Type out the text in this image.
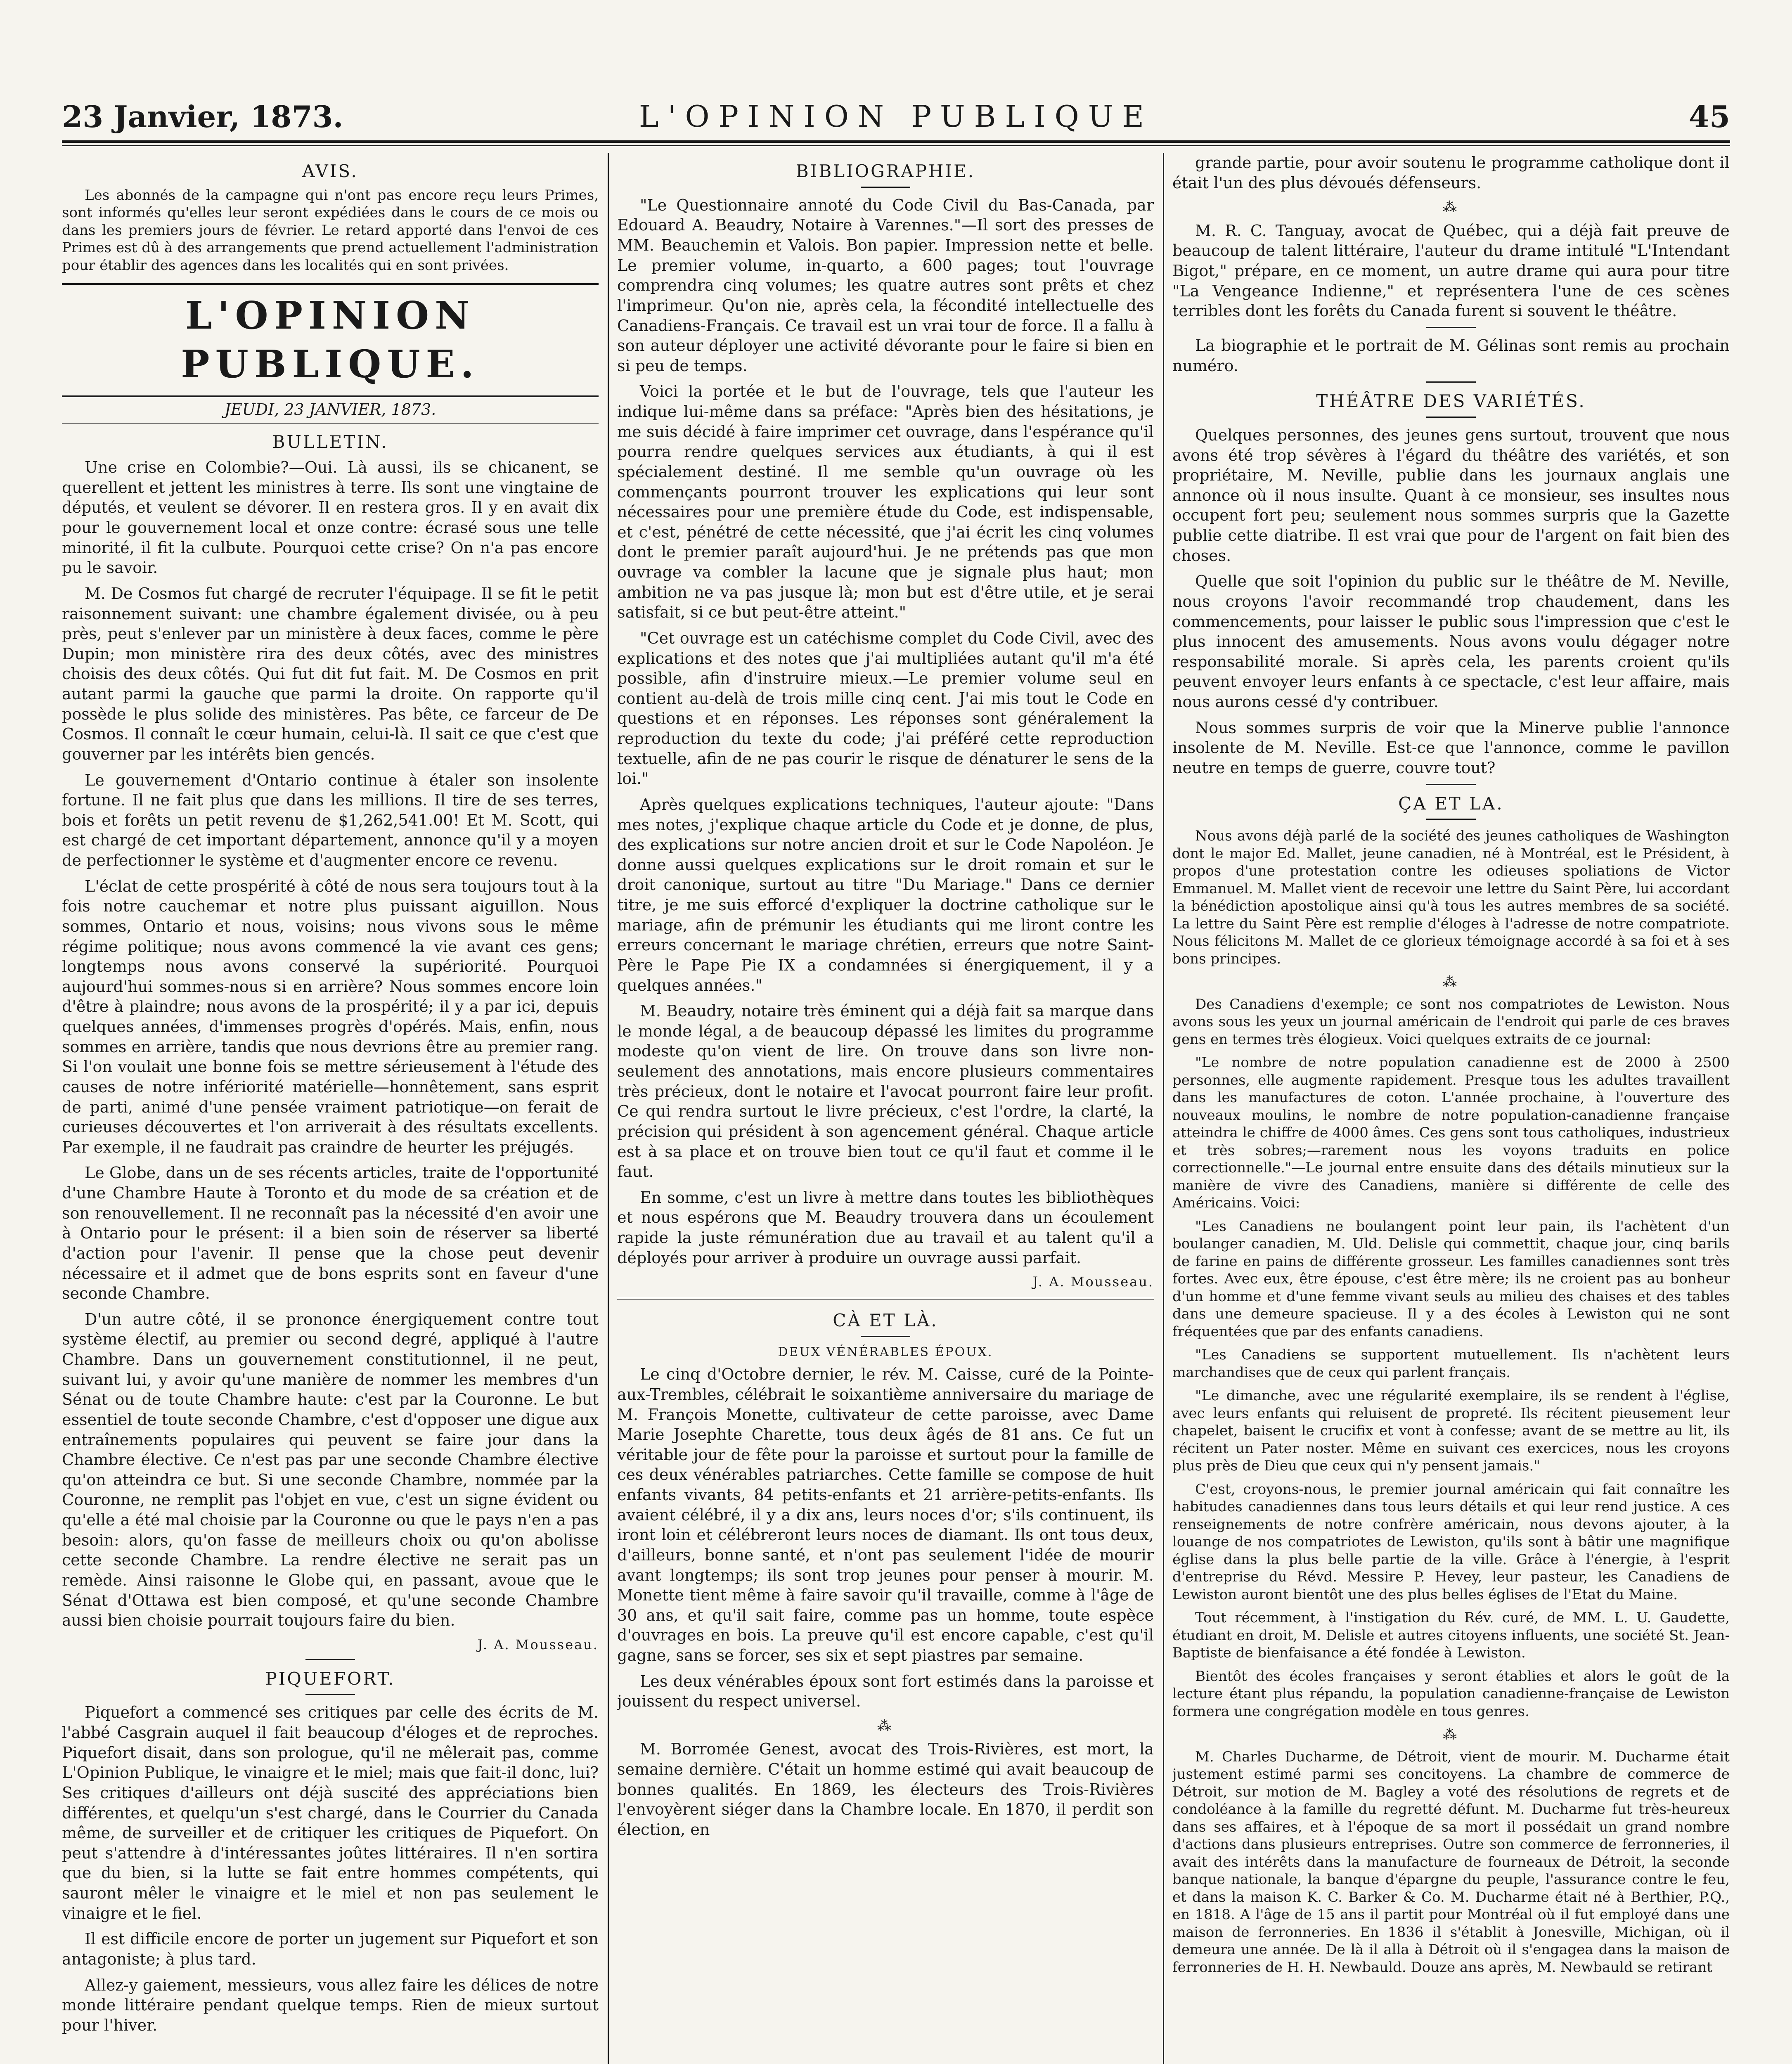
23 Janvier, 1873.	L'OPINION PUBLIQUE	45
AVIS.

Les abonnés de la campagne qui n'ont pas encore reçu leurs Primes, sont informés qu'elles leur seront expédiées dans le cours de ce mois ou dans les premiers jours de février. Le retard apporté dans l'envoi de ces Primes est dû à des arrangements que prend actuellement l'administration pour établir des agences dans les localités qui en sont privées.

L'OPINION PUBLIQUE.
JEUDI, 23 JANVIER, 1873.
BULLETIN.

Une crise en Colombie?—Oui. Là aussi, ils se chicanent, se querellent et jettent les ministres à terre. Ils sont une vingtaine de députés, et veulent se dévorer. Il en restera gros. Il y en avait dix pour le gouvernement local et onze contre: écrasé sous une telle minorité, il fit la culbute. Pourquoi cette crise? On n'a pas encore pu le savoir.

M. De Cosmos fut chargé de recruter l'équipage. Il se fit le petit raisonnement suivant: une chambre également divisée, ou à peu près, peut s'enlever par un ministère à deux faces, comme le père Dupin; mon ministère rira des deux côtés, avec des ministres choisis des deux côtés. Qui fut dit fut fait. M. De Cosmos en prit autant parmi la gauche que parmi la droite. On rapporte qu'il possède le plus solide des ministères. Pas bête, ce farceur de De Cosmos. Il connaît le cœur humain, celui-là. Il sait ce que c'est que gouverner par les intérêts bien gencés.

Le gouvernement d'Ontario continue à étaler son insolente fortune. Il ne fait plus que dans les millions. Il tire de ses terres, bois et forêts un petit revenu de $1,262,541.00! Et M. Scott, qui est chargé de cet important département, annonce qu'il y a moyen de perfectionner le système et d'augmenter encore ce revenu.

L'éclat de cette prospérité à côté de nous sera toujours tout à la fois notre cauchemar et notre plus puissant aiguillon. Nous sommes, Ontario et nous, voisins; nous vivons sous le même régime politique; nous avons commencé la vie avant ces gens; longtemps nous avons conservé la supériorité. Pourquoi aujourd'hui sommes-nous si en arrière? Nous sommes encore loin d'être à plaindre; nous avons de la prospérité; il y a par ici, depuis quelques années, d'immenses progrès d'opérés. Mais, enfin, nous sommes en arrière, tandis que nous devrions être au premier rang. Si l'on voulait une bonne fois se mettre sérieusement à l'étude des causes de notre infériorité matérielle—honnêtement, sans esprit de parti, animé d'une pensée vraiment patriotique—on ferait de curieuses découvertes et l'on arriverait à des résultats excellents. Par exemple, il ne faudrait pas craindre de heurter les préjugés.

Le Globe, dans un de ses récents articles, traite de l'opportunité d'une Chambre Haute à Toronto et du mode de sa création et de son renouvellement. Il ne reconnaît pas la nécessité d'en avoir une à Ontario pour le présent: il a bien soin de réserver sa liberté d'action pour l'avenir. Il pense que la chose peut devenir nécessaire et il admet que de bons esprits sont en faveur d'une seconde Chambre.

D'un autre côté, il se prononce énergiquement contre tout système électif, au premier ou second degré, appliqué à l'autre Chambre. Dans un gouvernement constitutionnel, il ne peut, suivant lui, y avoir qu'une manière de nommer les membres d'un Sénat ou de toute Chambre haute: c'est par la Couronne. Le but essentiel de toute seconde Chambre, c'est d'opposer une digue aux entraînements populaires qui peuvent se faire jour dans la Chambre élective. Ce n'est pas par une seconde Chambre élective qu'on atteindra ce but. Si une seconde Chambre, nommée par la Couronne, ne remplit pas l'objet en vue, c'est un signe évident ou qu'elle a été mal choisie par la Couronne ou que le pays n'en a pas besoin: alors, qu'on fasse de meilleurs choix ou qu'on abolisse cette seconde Chambre. La rendre élective ne serait pas un remède. Ainsi raisonne le Globe qui, en passant, avoue que le Sénat d'Ottawa est bien composé, et qu'une seconde Chambre aussi bien choisie pourrait toujours faire du bien.

J. A. Mousseau.

PIQUEFORT.

Piquefort a commencé ses critiques par celle des écrits de M. l'abbé Casgrain auquel il fait beaucoup d'éloges et de reproches. Piquefort disait, dans son prologue, qu'il ne mêlerait pas, comme L'Opinion Publique, le vinaigre et le miel; mais que fait-il donc, lui? Ses critiques d'ailleurs ont déjà suscité des appréciations bien différentes, et quelqu'un s'est chargé, dans le Courrier du Canada même, de surveiller et de critiquer les critiques de Piquefort. On peut s'attendre à d'intéressantes joûtes littéraires. Il n'en sortira que du bien, si la lutte se fait entre hommes compétents, qui sauront mêler le vinaigre et le miel et non pas seulement le vinaigre et le fiel.

Il est difficile encore de porter un jugement sur Piquefort et son antagoniste; à plus tard.

Allez-y gaiement, messieurs, vous allez faire les délices de notre monde littéraire pendant quelque temps. Rien de mieux surtout pour l'hiver.

BIBLIOGRAPHIE.

"Le Questionnaire annoté du Code Civil du Bas-Canada, par Edouard A. Beaudry, Notaire à Varennes."—Il sort des presses de MM. Beauchemin et Valois. Bon papier. Impression nette et belle. Le premier volume, in-quarto, a 600 pages; tout l'ouvrage comprendra cinq volumes; les quatre autres sont prêts et chez l'imprimeur. Qu'on nie, après cela, la fécondité intellectuelle des Canadiens-Français. Ce travail est un vrai tour de force. Il a fallu à son auteur déployer une activité dévorante pour le faire si bien en si peu de temps.

Voici la portée et le but de l'ouvrage, tels que l'auteur les indique lui-même dans sa préface: "Après bien des hésitations, je me suis décidé à faire imprimer cet ouvrage, dans l'espérance qu'il pourra rendre quelques services aux étudiants, à qui il est spécialement destiné. Il me semble qu'un ouvrage où les commençants pourront trouver les explications qui leur sont nécessaires pour une première étude du Code, est indispensable, et c'est, pénétré de cette nécessité, que j'ai écrit les cinq volumes dont le premier paraît aujourd'hui. Je ne prétends pas que mon ouvrage va combler la lacune que je signale plus haut; mon ambition ne va pas jusque là; mon but est d'être utile, et je serai satisfait, si ce but peut-être atteint."

"Cet ouvrage est un catéchisme complet du Code Civil, avec des explications et des notes que j'ai multipliées autant qu'il m'a été possible, afin d'instruire mieux.—Le premier volume seul en contient au-delà de trois mille cinq cent. J'ai mis tout le Code en questions et en réponses. Les réponses sont généralement la reproduction du texte du code; j'ai préféré cette reproduction textuelle, afin de ne pas courir le risque de dénaturer le sens de la loi."

Après quelques explications techniques, l'auteur ajoute: "Dans mes notes, j'explique chaque article du Code et je donne, de plus, des explications sur notre ancien droit et sur le Code Napoléon. Je donne aussi quelques explications sur le droit romain et sur le droit canonique, surtout au titre "Du Mariage." Dans ce dernier titre, je me suis efforcé d'expliquer la doctrine catholique sur le mariage, afin de prémunir les étudiants qui me liront contre les erreurs concernant le mariage chrétien, erreurs que notre Saint-Père le Pape Pie IX a condamnées si énergiquement, il y a quelques années."

M. Beaudry, notaire très éminent qui a déjà fait sa marque dans le monde légal, a de beaucoup dépassé les limites du programme modeste qu'on vient de lire. On trouve dans son livre non-seulement des annotations, mais encore plusieurs commentaires très précieux, dont le notaire et l'avocat pourront faire leur profit. Ce qui rendra surtout le livre précieux, c'est l'ordre, la clarté, la précision qui président à son agencement général. Chaque article est à sa place et on trouve bien tout ce qu'il faut et comme il le faut.

En somme, c'est un livre à mettre dans toutes les bibliothèques et nous espérons que M. Beaudry trouvera dans un écoulement rapide la juste rémunération due au travail et au talent qu'il a déployés pour arriver à produire un ouvrage aussi parfait.

J. A. Mousseau.

CÀ ET LÀ.
DEUX VÉNÉRABLES ÉPOUX.

Le cinq d'Octobre dernier, le rév. M. Caisse, curé de la Pointe-aux-Trembles, célébrait le soixantième anniversaire du mariage de M. François Monette, cultivateur de cette paroisse, avec Dame Marie Josephte Charette, tous deux âgés de 81 ans. Ce fut un véritable jour de fête pour la paroisse et surtout pour la famille de ces deux vénérables patriarches. Cette famille se compose de huit enfants vivants, 84 petits-enfants et 21 arrière-petits-enfants. Ils avaient célébré, il y a dix ans, leurs noces d'or; s'ils continuent, ils iront loin et célébreront leurs noces de diamant. Ils ont tous deux, d'ailleurs, bonne santé, et n'ont pas seulement l'idée de mourir avant longtemps; ils sont trop jeunes pour penser à mourir. M. Monette tient même à faire savoir qu'il travaille, comme à l'âge de 30 ans, et qu'il sait faire, comme pas un homme, toute espèce d'ouvrages en bois. La preuve qu'il est encore capable, c'est qu'il gagne, sans se forcer, ses six et sept piastres par semaine.

Les deux vénérables époux sont fort estimés dans la paroisse et jouissent du respect universel.

⁂

M. Borromée Genest, avocat des Trois-Rivières, est mort, la semaine dernière. C'était un homme estimé qui avait beaucoup de bonnes qualités. En 1869, les électeurs des Trois-Rivières l'envoyèrent siéger dans la Chambre locale. En 1870, il perdit son élection, en

grande partie, pour avoir soutenu le programme catholique dont il était l'un des plus dévoués défenseurs.

⁂

M. R. C. Tanguay, avocat de Québec, qui a déjà fait preuve de beaucoup de talent littéraire, l'auteur du drame intitulé "L'Intendant Bigot," prépare, en ce moment, un autre drame qui aura pour titre "La Vengeance Indienne," et représentera l'une de ces scènes terribles dont les forêts du Canada furent si souvent le théâtre.

La biographie et le portrait de M. Gélinas sont remis au prochain numéro.

THÉÂTRE DES VARIÉTÉS.

Quelques personnes, des jeunes gens surtout, trouvent que nous avons été trop sévères à l'égard du théâtre des variétés, et son propriétaire, M. Neville, publie dans les journaux anglais une annonce où il nous insulte. Quant à ce monsieur, ses insultes nous occupent fort peu; seulement nous sommes surpris que la Gazette publie cette diatribe. Il est vrai que pour de l'argent on fait bien des choses.

Quelle que soit l'opinion du public sur le théâtre de M. Neville, nous croyons l'avoir recommandé trop chaudement, dans les commencements, pour laisser le public sous l'impression que c'est le plus innocent des amusements. Nous avons voulu dégager notre responsabilité morale. Si après cela, les parents croient qu'ils peuvent envoyer leurs enfants à ce spectacle, c'est leur affaire, mais nous aurons cessé d'y contribuer.

Nous sommes surpris de voir que la Minerve publie l'annonce insolente de M. Neville. Est-ce que l'annonce, comme le pavillon neutre en temps de guerre, couvre tout?

ÇA ET LA.

Nous avons déjà parlé de la société des jeunes catholiques de Washington dont le major Ed. Mallet, jeune canadien, né à Montréal, est le Président, à propos d'une protestation contre les odieuses spoliations de Victor Emmanuel. M. Mallet vient de recevoir une lettre du Saint Père, lui accordant la bénédiction apostolique ainsi qu'à tous les autres membres de sa société. La lettre du Saint Père est remplie d'éloges à l'adresse de notre compatriote. Nous félicitons M. Mallet de ce glorieux témoignage accordé à sa foi et à ses bons principes.

⁂

Des Canadiens d'exemple; ce sont nos compatriotes de Lewiston. Nous avons sous les yeux un journal américain de l'endroit qui parle de ces braves gens en termes très élogieux. Voici quelques extraits de ce journal:

"Le nombre de notre population canadienne est de 2000 à 2500 personnes, elle augmente rapidement. Presque tous les adultes travaillent dans les manufactures de coton. L'année prochaine, à l'ouverture des nouveaux moulins, le nombre de notre population-canadienne française atteindra le chiffre de 4000 âmes. Ces gens sont tous catholiques, industrieux et très sobres;—rarement nous les voyons traduits en police correctionnelle."—Le journal entre ensuite dans des détails minutieux sur la manière de vivre des Canadiens, manière si différente de celle des Américains. Voici:

"Les Canadiens ne boulangent point leur pain, ils l'achètent d'un boulanger canadien, M. Uld. Delisle qui commettit, chaque jour, cinq barils de farine en pains de différente grosseur. Les familles canadiennes sont très fortes. Avec eux, être épouse, c'est être mère; ils ne croient pas au bonheur d'un homme et d'une femme vivant seuls au milieu des chaises et des tables dans une demeure spacieuse. Il y a des écoles à Lewiston qui ne sont fréquentées que par des enfants canadiens.

"Les Canadiens se supportent mutuellement. Ils n'achètent leurs marchandises que de ceux qui parlent français.

"Le dimanche, avec une régularité exemplaire, ils se rendent à l'église, avec leurs enfants qui reluisent de propreté. Ils récitent pieusement leur chapelet, baisent le crucifix et vont à confesse; avant de se mettre au lit, ils récitent un Pater noster. Même en suivant ces exercices, nous les croyons plus près de Dieu que ceux qui n'y pensent jamais."

C'est, croyons-nous, le premier journal américain qui fait connaître les habitudes canadiennes dans tous leurs détails et qui leur rend justice. A ces renseignements de notre confrère américain, nous devons ajouter, à la louange de nos compatriotes de Lewiston, qu'ils sont à bâtir une magnifique église dans la plus belle partie de la ville. Grâce à l'énergie, à l'esprit d'entreprise du Révd. Messire P. Hevey, leur pasteur, les Canadiens de Lewiston auront bientôt une des plus belles églises de l'Etat du Maine.

Tout récemment, à l'instigation du Rév. curé, de MM. L. U. Gaudette, étudiant en droit, M. Delisle et autres citoyens influents, une société St. Jean-Baptiste de bienfaisance a été fondée à Lewiston.

Bientôt des écoles françaises y seront établies et alors le goût de la lecture étant plus répandu, la population canadienne-française de Lewiston formera une congrégation modèle en tous genres.

⁂

M. Charles Ducharme, de Détroit, vient de mourir. M. Ducharme était justement estimé parmi ses concitoyens. La chambre de commerce de Détroit, sur motion de M. Bagley a voté des résolutions de regrets et de condoléance à la famille du regretté défunt. M. Ducharme fut très-heureux dans ses affaires, et à l'époque de sa mort il possédait un grand nombre d'actions dans plusieurs entreprises. Outre son commerce de ferronneries, il avait des intérêts dans la manufacture de fourneaux de Détroit, la seconde banque nationale, la banque d'épargne du peuple, l'assurance contre le feu, et dans la maison K. C. Barker & Co. M. Ducharme était né à Berthier, P.Q., en 1818. A l'âge de 15 ans il partit pour Montréal où il fut employé dans une maison de ferronneries. En 1836 il s'établit à Jonesville, Michigan, où il demeura une année. De là il alla à Détroit où il s'engagea dans la maison de ferronneries de H. H. Newbauld. Douze ans après, M. Newbauld se retirant
